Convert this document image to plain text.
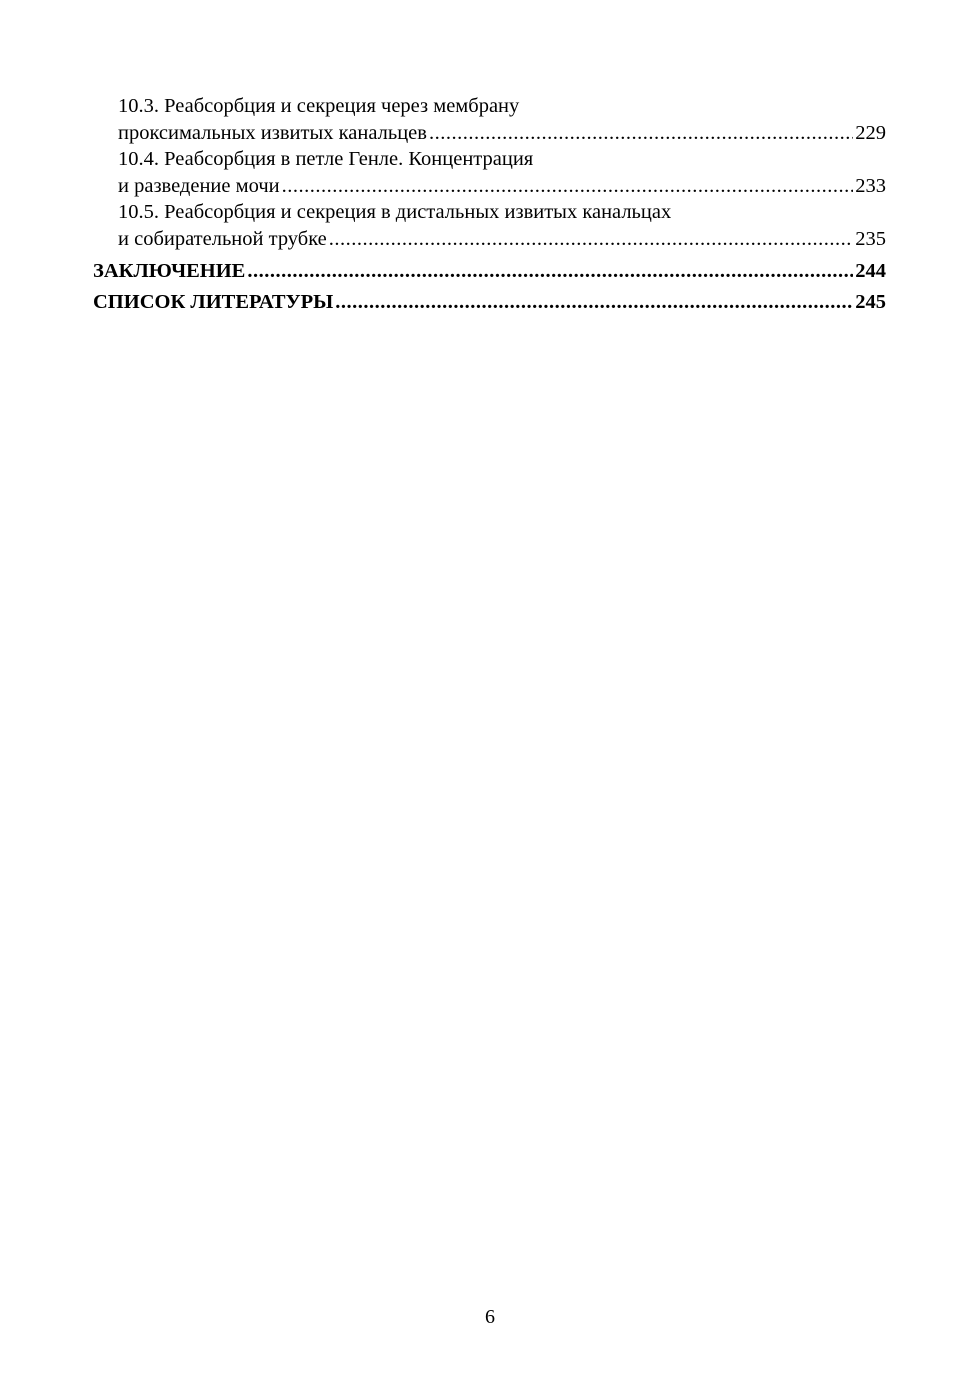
10.3. Реабсорбция и секреция через мембрану
проксимальных извитых канальцев .....	229
10.4. Реабсорбция в петле Генле. Концентрация
и разведение мочи .....	233
10.5. Реабсорбция и секреция в дистальных извитых канальцах
и собирательной трубке .....	235
ЗАКЛЮЧЕНИЕ .....	244
СПИСОК ЛИТЕРАТУРЫ .....	245
6
